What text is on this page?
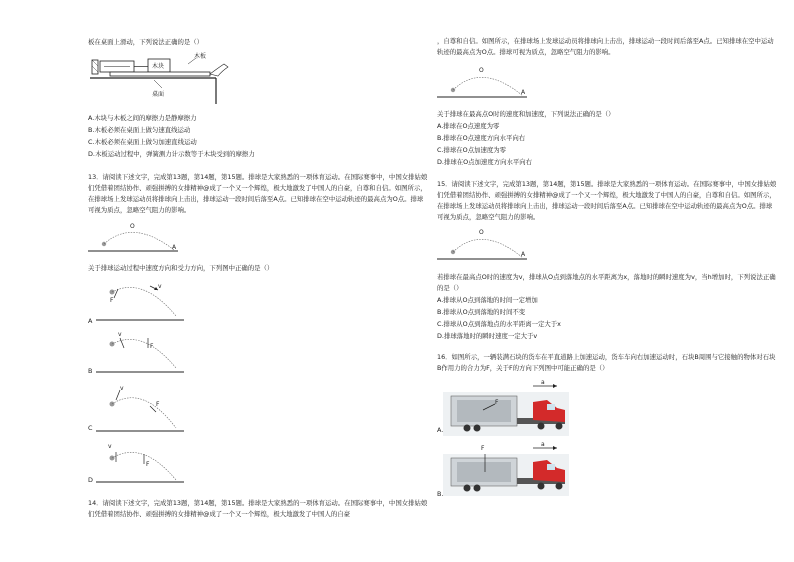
板在桌面上滑动，下列说法正确的是（）
木块
木板
桌面
A.木块与木板之间的摩擦力是静摩擦力
B.木板必须在桌面上做匀速直线运动
C.木板必须在桌面上做匀加速直线运动
D.木板运动过程中，弹簧测力计示数等于木块受到的摩擦力
13．请阅读下述文字，完成第13题，第14题，第15题。排球是大家熟悉的一项体育运动。在国际赛事中，中国女排姑娘们凭借着团结协作、顽强拼搏的女排精神@成了一个又一个辉煌，极大地激发了中国人的自豪，自尊和自信。如图所示，在排球场上发球运动员将排球向上击出，排球运动一段时间后落至A点。已知排球在空中运动轨迹的最高点为O点。排球可视为质点，忽略空气阻力的影响。
O
A
关于排球运动过程中速度方向和受力方向，下列图中正确的是（）
v
F
A
v
F
B
v
F
C
v
F
D
14．请阅读下述文字，完成第13题，第14题，第15题。排球是大家熟悉的一项体育运动。在国际赛事中，中国女排姑娘们凭借着团结协作、顽强拼搏的女排精神@成了一个又一个辉煌，极大地激发了中国人的自豪
，自尊和自信。如图所示，在排球场上发球运动员将排球向上击出，排球运动一段时间后落至A点。已知排球在空中运动轨迹的最高点为O点。排球可视为质点，忽略空气阻力的影响。
O
A
关于排球在最高点O时的速度和加速度，下列说法正确的是（）
A.排球在O点速度为零
B.排球在O点速度方向水平向右
C.排球在O点加速度为零
D.排球在O点加速度方向水平向右
15．请阅读下述文字，完成第13题，第14题，第15题。排球是大家熟悉的一项体育运动。在国际赛事中，中国女排姑娘们凭借着团结协作、顽强拼搏的女排精神@成了一个又一个辉煌，极大地激发了中国人的自豪，自尊和自信。如图所示，在排球场上发球运动员将排球向上击出，排球运动一段时间后落至A点。已知排球在空中运动轨迹的最高点为O点。排球可视为质点，忽略空气阻力的影响。
O
A
若排球在最高点O时的速度为v，排球从O点到落地点的水平距离为x，落地时的瞬时速度为v，当h增加时，下列说法正确的是（）
A.排球从O点到落地的时间一定增加
B.排球从O点到落地的时间不变
C.排球从O点到落地点的水平距离一定大于x
D.排球落地时的瞬时速度一定大于v
16．如图所示，一辆装满石块的货车在平直道路上加速运动，货车车向右加速运动时，石块B周围与它接触的物体对石块B作用力的合力为F，关于F的方向下列图中可能正确的是（）
a
F
A.
a
F
B.
